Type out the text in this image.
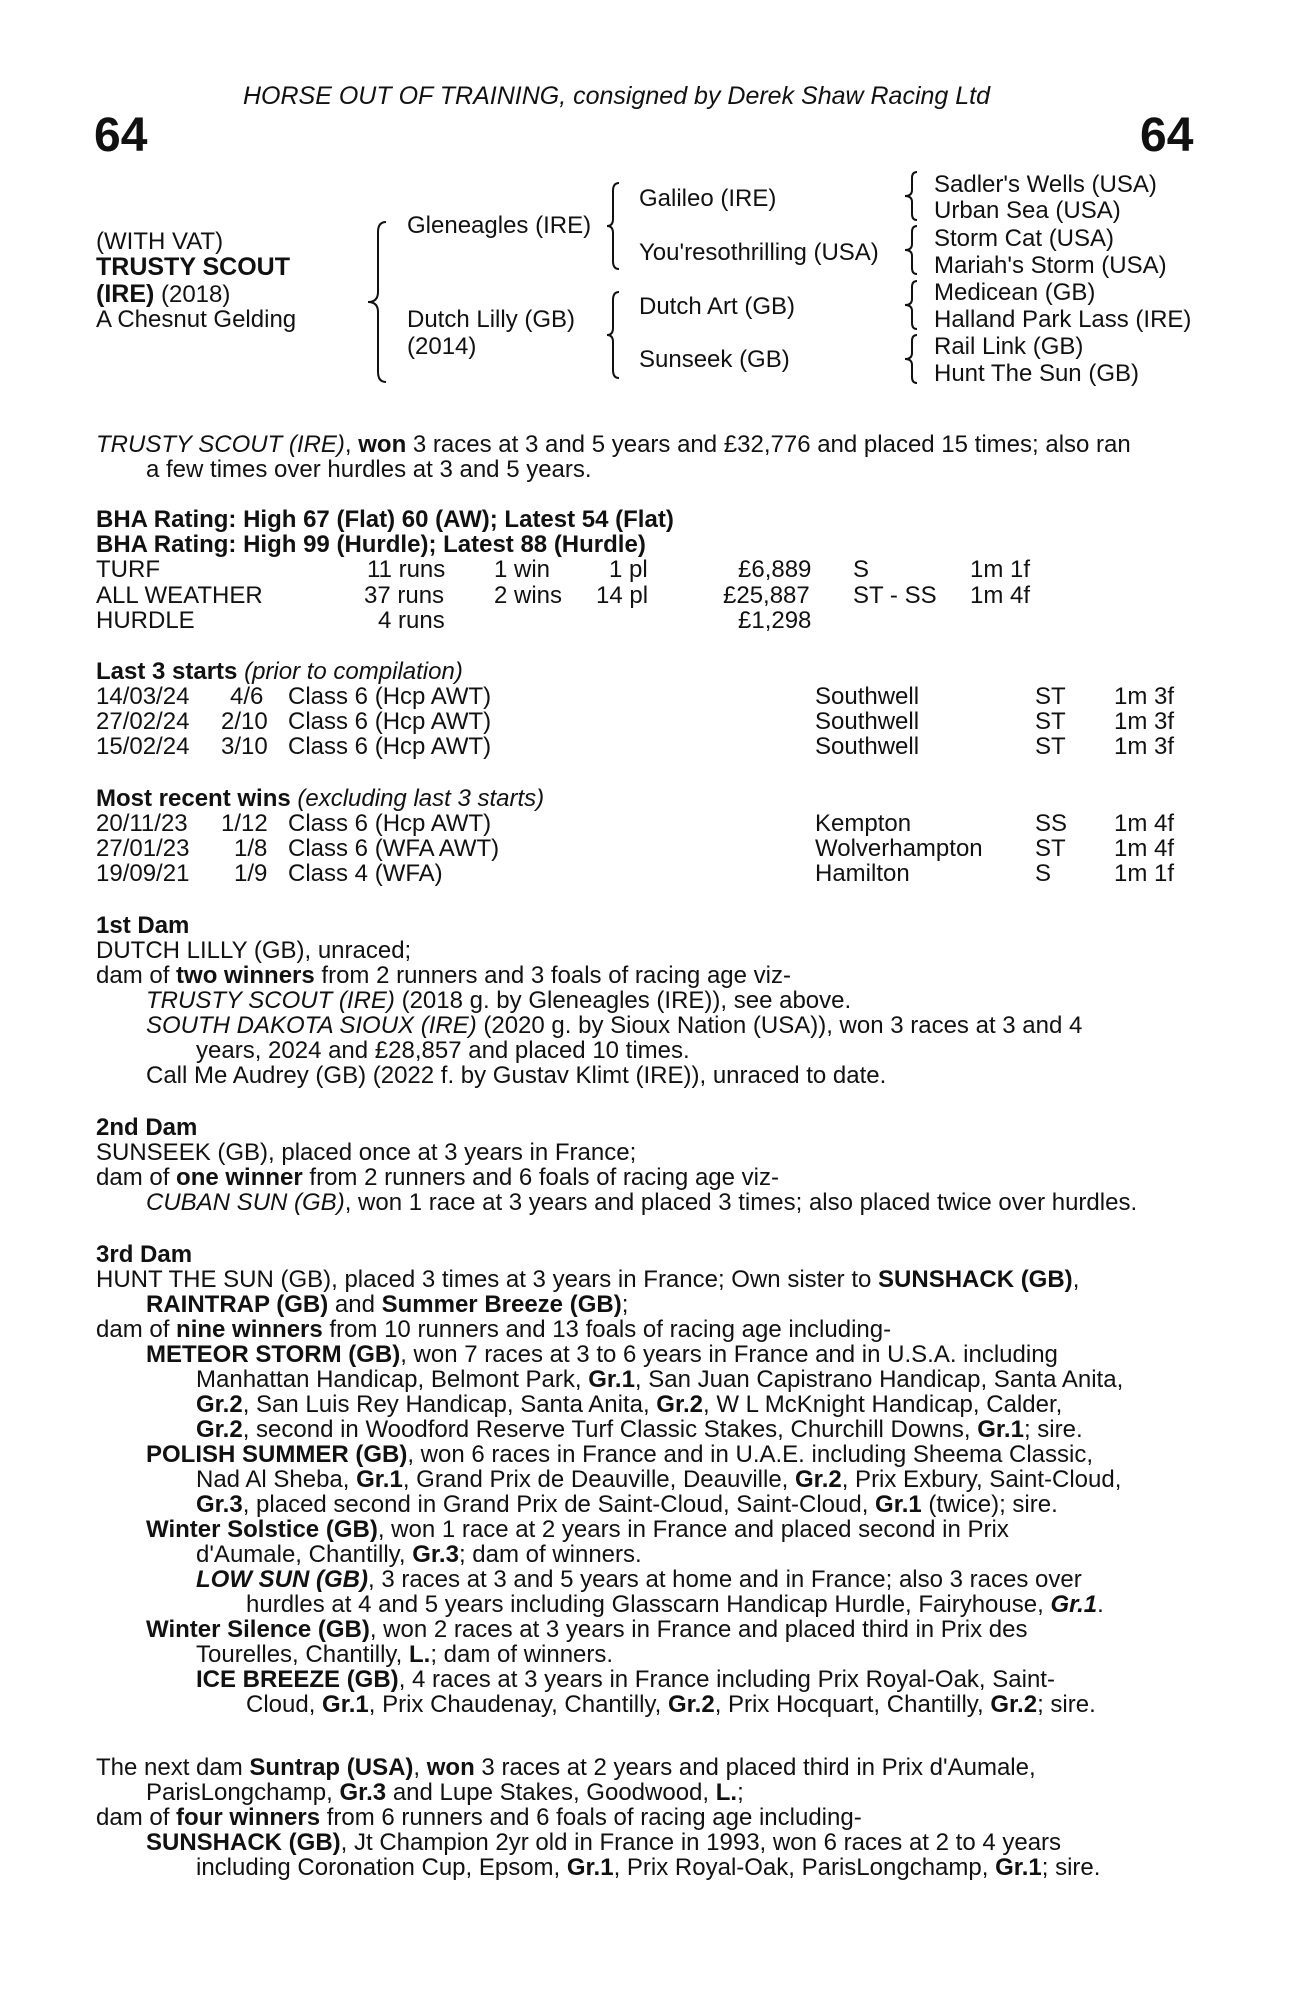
HORSE OUT OF TRAINING, consigned by Derek Shaw Racing Ltd
64	64
(WITH VAT)
TRUSTY SCOUT
(IRE) (2018)
A Chesnut Gelding
Gleneagles (IRE)
Dutch Lilly (GB)
(2014)
Galileo (IRE)
You'resothrilling (USA)
Dutch Art (GB)
Sunseek (GB)
Sadler's Wells (USA)
Urban Sea (USA)
Storm Cat (USA)
Mariah's Storm (USA)
Medicean (GB)
Halland Park Lass (IRE)
Rail Link (GB)
Hunt The Sun (GB)
TRUSTY SCOUT (IRE), won 3 races at 3 and 5 years and £32,776 and placed 15 times; also ran
a few times over hurdles at 3 and 5 years.
BHA Rating: High 67 (Flat) 60 (AW); Latest 54 (Flat)
BHA Rating: High 99 (Hurdle); Latest 88 (Hurdle)
TURF	11 runs 1 win 1 pl	£6,889 S	1m 1f
ALL WEATHER	37 runs 2 wins 14 pl	£25,887 ST - SS 1m 4f
HURDLE	4 runs	£1,298
Last 3 starts (prior to compilation)
14/03/24 4/6 Class 6 (Hcp AWT)	Southwell	ST 1m 3f
27/02/24 2/10 Class 6 (Hcp AWT)	Southwell	ST 1m 3f
15/02/24 3/10 Class 6 (Hcp AWT)	Southwell	ST 1m 3f
Most recent wins (excluding last 3 starts)
20/11/23 1/12 Class 6 (Hcp AWT)	Kempton	SS 1m 4f
27/01/23 1/8 Class 6 (WFA AWT)	Wolverhampton ST 1m 4f
19/09/21 1/9 Class 4 (WFA)	Hamilton	S	1m 1f
1st Dam
DUTCH LILLY (GB), unraced;
dam of two winners from 2 runners and 3 foals of racing age viz-
TRUSTY SCOUT (IRE) (2018 g. by Gleneagles (IRE)), see above.
SOUTH DAKOTA SIOUX (IRE) (2020 g. by Sioux Nation (USA)), won 3 races at 3 and 4
years, 2024 and £28,857 and placed 10 times.
Call Me Audrey (GB) (2022 f. by Gustav Klimt (IRE)), unraced to date.
2nd Dam
SUNSEEK (GB), placed once at 3 years in France;
dam of one winner from 2 runners and 6 foals of racing age viz-
CUBAN SUN (GB), won 1 race at 3 years and placed 3 times; also placed twice over hurdles.
3rd Dam
HUNT THE SUN (GB), placed 3 times at 3 years in France; Own sister to SUNSHACK (GB),
RAINTRAP (GB) and Summer Breeze (GB);
dam of nine winners from 10 runners and 13 foals of racing age including-
METEOR STORM (GB), won 7 races at 3 to 6 years in France and in U.S.A. including
Manhattan Handicap, Belmont Park, Gr.1, San Juan Capistrano Handicap, Santa Anita,
Gr.2, San Luis Rey Handicap, Santa Anita, Gr.2, W L McKnight Handicap, Calder,
Gr.2, second in Woodford Reserve Turf Classic Stakes, Churchill Downs, Gr.1; sire.
POLISH SUMMER (GB), won 6 races in France and in U.A.E. including Sheema Classic,
Nad Al Sheba, Gr.1, Grand Prix de Deauville, Deauville, Gr.2, Prix Exbury, Saint-Cloud,
Gr.3, placed second in Grand Prix de Saint-Cloud, Saint-Cloud, Gr.1 (twice); sire.
Winter Solstice (GB), won 1 race at 2 years in France and placed second in Prix
d'Aumale, Chantilly, Gr.3; dam of winners.
LOW SUN (GB), 3 races at 3 and 5 years at home and in France; also 3 races over
hurdles at 4 and 5 years including Glasscarn Handicap Hurdle, Fairyhouse, Gr.1.
Winter Silence (GB), won 2 races at 3 years in France and placed third in Prix des
Tourelles, Chantilly, L.; dam of winners.
ICE BREEZE (GB), 4 races at 3 years in France including Prix Royal-Oak, Saint-
Cloud, Gr.1, Prix Chaudenay, Chantilly, Gr.2, Prix Hocquart, Chantilly, Gr.2; sire.
The next dam Suntrap (USA), won 3 races at 2 years and placed third in Prix d'Aumale,
ParisLongchamp, Gr.3 and Lupe Stakes, Goodwood, L.;
dam of four winners from 6 runners and 6 foals of racing age including-
SUNSHACK (GB), Jt Champion 2yr old in France in 1993, won 6 races at 2 to 4 years
including Coronation Cup, Epsom, Gr.1, Prix Royal-Oak, ParisLongchamp, Gr.1; sire.
